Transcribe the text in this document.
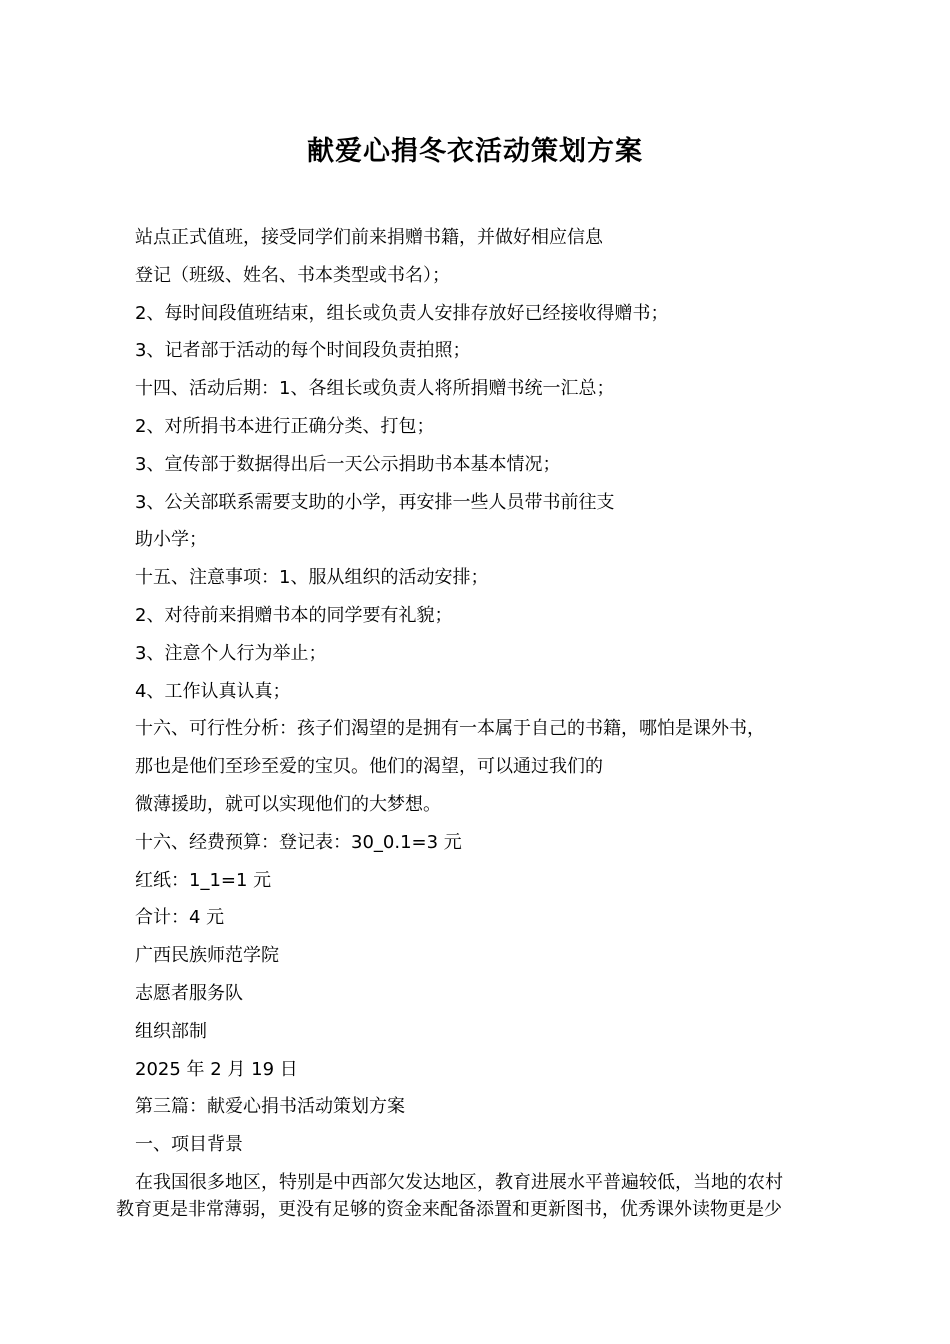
献爱心捐冬衣活动策划方案
站点正式值班，接受同学们前来捐赠书籍，并做好相应信息
登记（班级、姓名、书本类型或书名）；
2、每时间段值班结束，组长或负责人安排存放好已经接收得赠书；
3、记者部于活动的每个时间段负责拍照；
十四、活动后期：1、各组长或负责人将所捐赠书统一汇总；
2、对所捐书本进行正确分类、打包；
3、宣传部于数据得出后一天公示捐助书本基本情况；
3、公关部联系需要支助的小学，再安排一些人员带书前往支
助小学；
十五、注意事项：1、服从组织的活动安排；
2、对待前来捐赠书本的同学要有礼貌；
3、注意个人行为举止；
4、工作认真认真；
十六、可行性分析：孩子们渴望的是拥有一本属于自己的书籍，哪怕是课外书，
那也是他们至珍至爱的宝贝。他们的渴望，可以通过我们的
微薄援助，就可以实现他们的大梦想。
十六、经费预算：登记表：30_0.1=3 元
红纸：1_1=1 元
合计：4 元
广西民族师范学院
志愿者服务队
组织部制
2025 年 2 月 19 日
第三篇：献爱心捐书活动策划方案
一、项目背景
在我国很多地区，特别是中西部欠发达地区，教育进展水平普遍较低，当地的农村
教育更是非常薄弱，更没有足够的资金来配备添置和更新图书，优秀课外读物更是少
